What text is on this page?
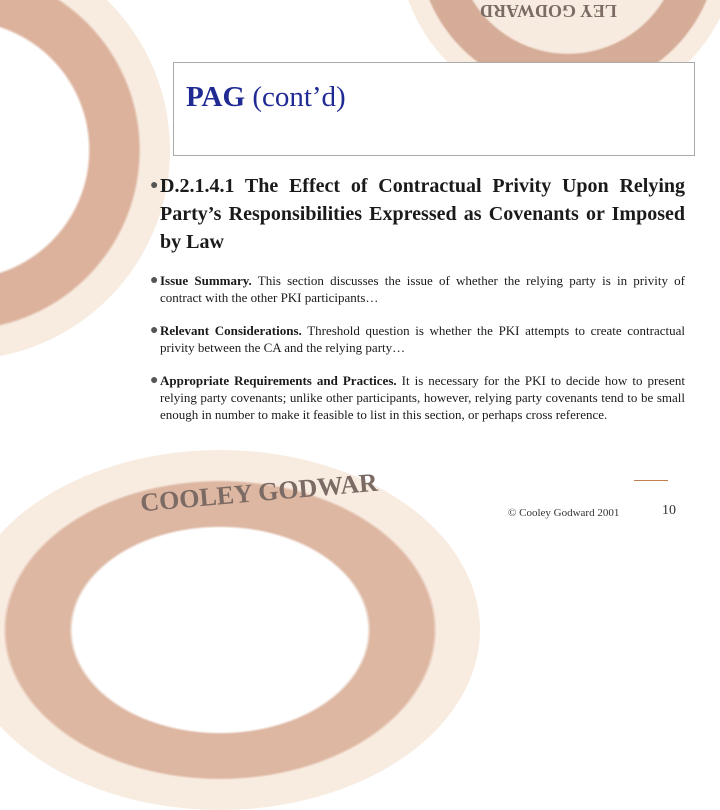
LEY GODWARD
COOLEY GODWAR
PAG (cont’d)
● D.2.1.4.1 The Effect of Contractual Privity Upon Relying Party’s Responsibilities Expressed as Covenants or Imposed by Law
● Issue Summary. This section discusses the issue of whether the relying party is in privity of contract with the other PKI participants…
● Relevant Considerations. Threshold question is whether the PKI attempts to create contractual privity between the CA and the relying party…
● Appropriate Requirements and Practices. It is necessary for the PKI to decide how to present relying party covenants; unlike other participants, however, relying party covenants tend to be small enough in number to make it feasible to list in this section, or perhaps cross reference.
© Cooley Godward 2001	10
